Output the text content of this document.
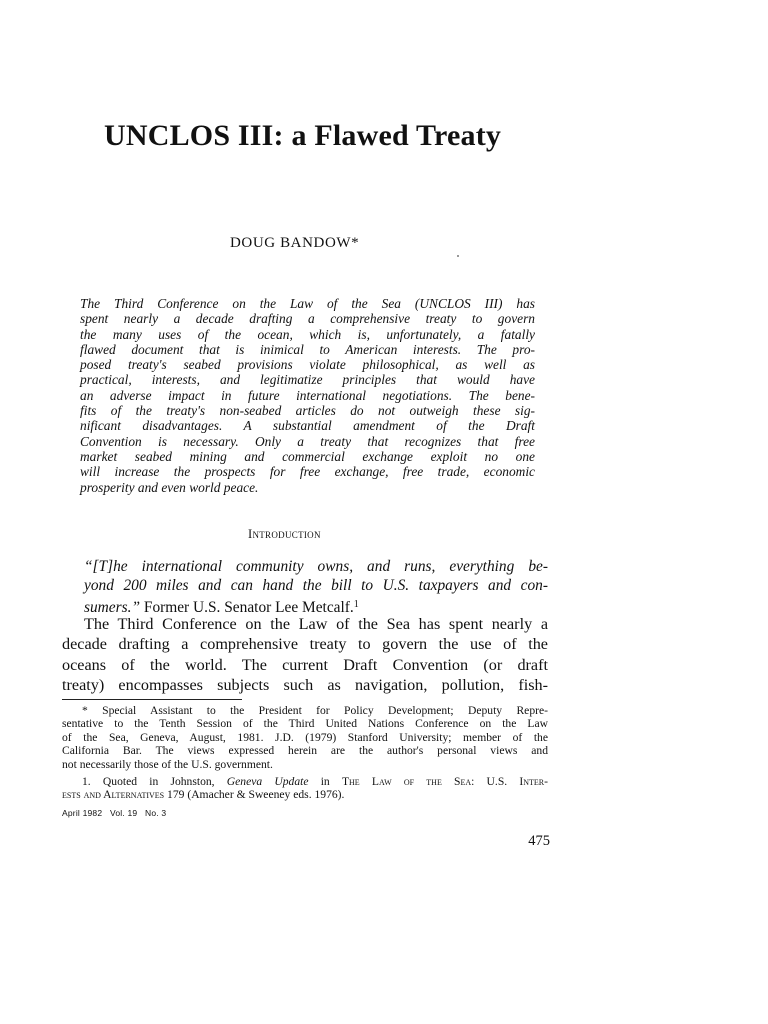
UNCLOS III: a Flawed Treaty
DOUG BANDOW*
The Third Conference on the Law of the Sea (UNCLOS III) has
spent nearly a decade drafting a comprehensive treaty to govern
the many uses of the ocean, which is, unfortunately, a fatally
flawed document that is inimical to American interests. The pro-
posed treaty's seabed provisions violate philosophical, as well as
practical, interests, and legitimatize principles that would have
an adverse impact in future international negotiations. The bene-
fits of the treaty's non-seabed articles do not outweigh these sig-
nificant disadvantages. A substantial amendment of the Draft
Convention is necessary. Only a treaty that recognizes that free
market seabed mining and commercial exchange exploit no one
will increase the prospects for free exchange, free trade, economic
prosperity and even world peace.
Introduction
“[T]he international community owns, and runs, everything be-
yond 200 miles and can hand the bill to U.S. taxpayers and con-
sumers.” Former U.S. Senator Lee Metcalf.$^1$
The Third Conference on the Law of the Sea has spent nearly a
decade drafting a comprehensive treaty to govern the use of the
oceans of the world. The current Draft Convention (or draft
treaty) encompasses subjects such as navigation, pollution, fish-
* Special Assistant to the President for Policy Development; Deputy Repre-
sentative to the Tenth Session of the Third United Nations Conference on the Law
of the Sea, Geneva, August, 1981. J.D. (1979) Stanford University; member of the
California Bar. The views expressed herein are the author's personal views and
not necessarily those of the U.S. government.
1. Quoted in Johnston, Geneva Update in The Law of the Sea: U.S. Inter-
ests and Alternatives 179 (Amacher & Sweeney eds. 1976).
April 1982   Vol. 19   No. 3
475
